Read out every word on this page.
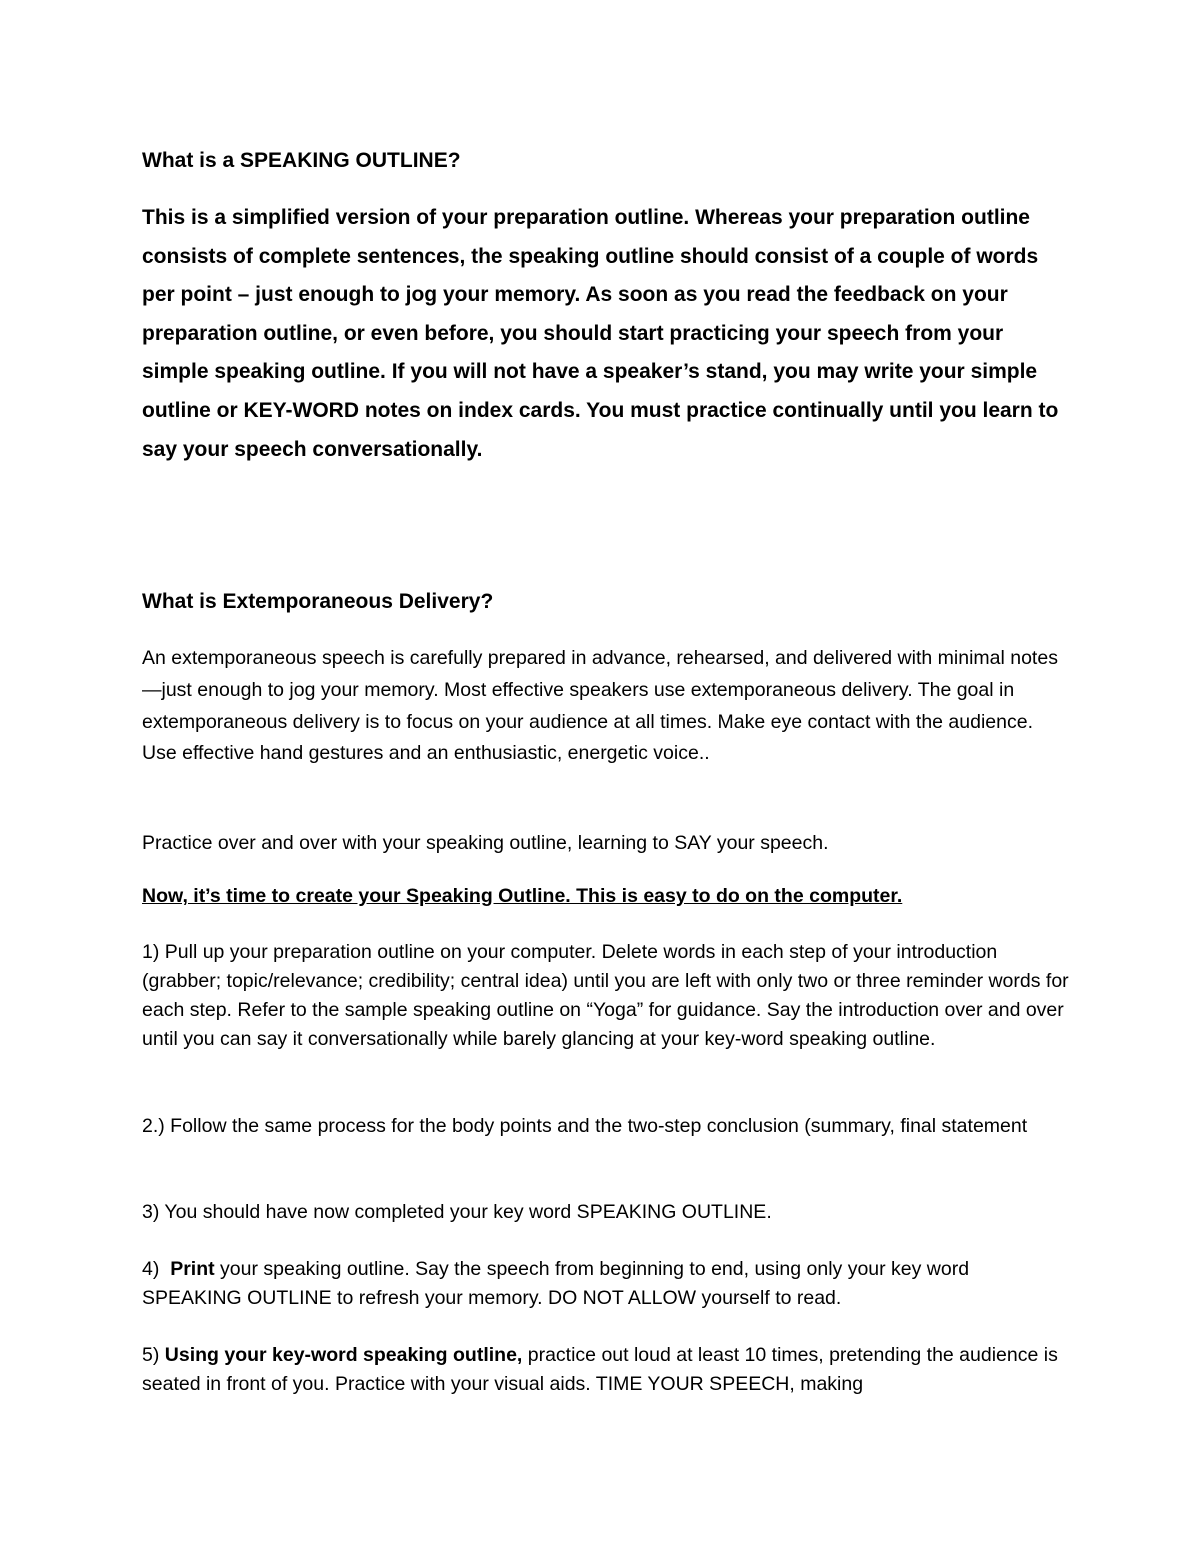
What is a SPEAKING OUTLINE?

This is a simplified version of your preparation outline. Whereas your preparation outline consists of complete sentences, the speaking outline should consist of a couple of words per point – just enough to jog your memory. As soon as you read the feedback on your preparation outline, or even before, you should start practicing your speech from your simple speaking outline. If you will not have a speaker’s stand, you may write your simple outline or KEY-WORD notes on index cards. You must practice continually until you learn to say your speech conversationally.

What is Extemporaneous Delivery?

An extemporaneous speech is carefully prepared in advance, rehearsed, and delivered with minimal notes—just enough to jog your memory. Most effective speakers use extemporaneous delivery. The goal in extemporaneous delivery is to focus on your audience at all times. Make eye contact with the audience. Use effective hand gestures and an enthusiastic, energetic voice..

Practice over and over with your speaking outline, learning to SAY your speech.

Now, it’s time to create your Speaking Outline. This is easy to do on the computer.

1) Pull up your preparation outline on your computer. Delete words in each step of your introduction (grabber; topic/relevance; credibility; central idea) until you are left with only two or three reminder words for each step. Refer to the sample speaking outline on “Yoga” for guidance. Say the introduction over and over until you can say it conversationally while barely glancing at your key-word speaking outline.

2.) Follow the same process for the body points and the two-step conclusion (summary, final statement

3) You should have now completed your key word SPEAKING OUTLINE.

4) Print your speaking outline. Say the speech from beginning to end, using only your key word SPEAKING OUTLINE to refresh your memory. DO NOT ALLOW yourself to read.

5) Using your key-word speaking outline, practice out loud at least 10 times, pretending the audience is seated in front of you. Practice with your visual aids. TIME YOUR SPEECH, making
